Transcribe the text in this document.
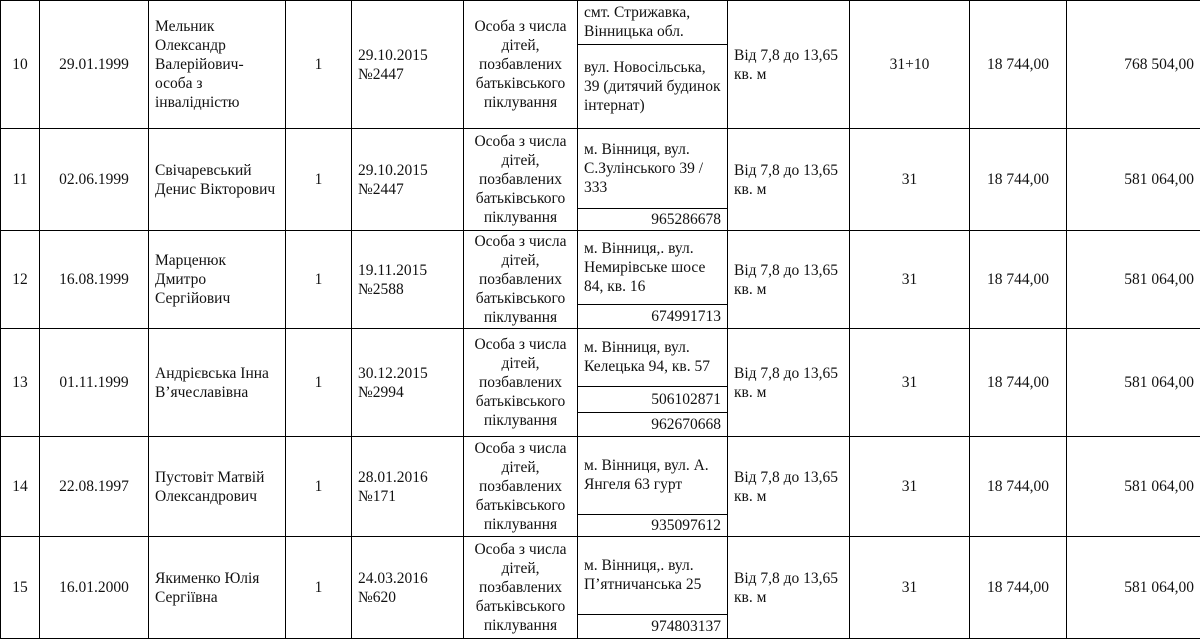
10	29.01.1999	Мельник Олександр Валерійович-особа з інвалідністю	1	29.10.2015 №2447	Особа з числа дітей, позбавлених батьківського піклування	смт. Стрижавка, Вінницька обл.	Від 7,8 до 13,65 кв. м	31+10	18 744,00	768 504,00
						вул. Новосільська, 39 (дитячий будинок інтернат)				
11	02.06.1999	Свічаревський Денис Вікторович	1	29.10.2015 №2447	Особа з числа дітей, позбавлених батьківського піклування	м. Вінниця, вул. С.Зулінського 39 / 333	Від 7,8 до 13,65 кв. м	31	18 744,00	581 064,00
						965286678				
12	16.08.1999	Марценюк Дмитро Сергійович	1	19.11.2015 №2588	Особа з числа дітей, позбавлених батьківського піклування	м. Вінниця,. вул. Немирівське шосе 84, кв. 16	Від 7,8 до 13,65 кв. м	31	18 744,00	581 064,00
						674991713				
13	01.11.1999	Андрієвська Інна В’ячеславівна	1	30.12.2015 №2994	Особа з числа дітей, позбавлених батьківського піклування	м. Вінниця, вул. Келецька 94, кв. 57	Від 7,8 до 13,65 кв. м	31	18 744,00	581 064,00
						506102871				
						962670668				
14	22.08.1997	Пустовіт Матвій Олександрович	1	28.01.2016 №171	Особа з числа дітей, позбавлених батьківського піклування	м. Вінниця, вул. А. Янгеля 63 гурт	Від 7,8 до 13,65 кв. м	31	18 744,00	581 064,00
						935097612				
15	16.01.2000	Якименко Юлія Сергіївна	1	24.03.2016 №620	Особа з числа дітей, позбавлених батьківського піклування	м. Вінниця,. вул. П’ятничанська 25	Від 7,8 до 13,65 кв. м	31	18 744,00	581 064,00
						974803137				
